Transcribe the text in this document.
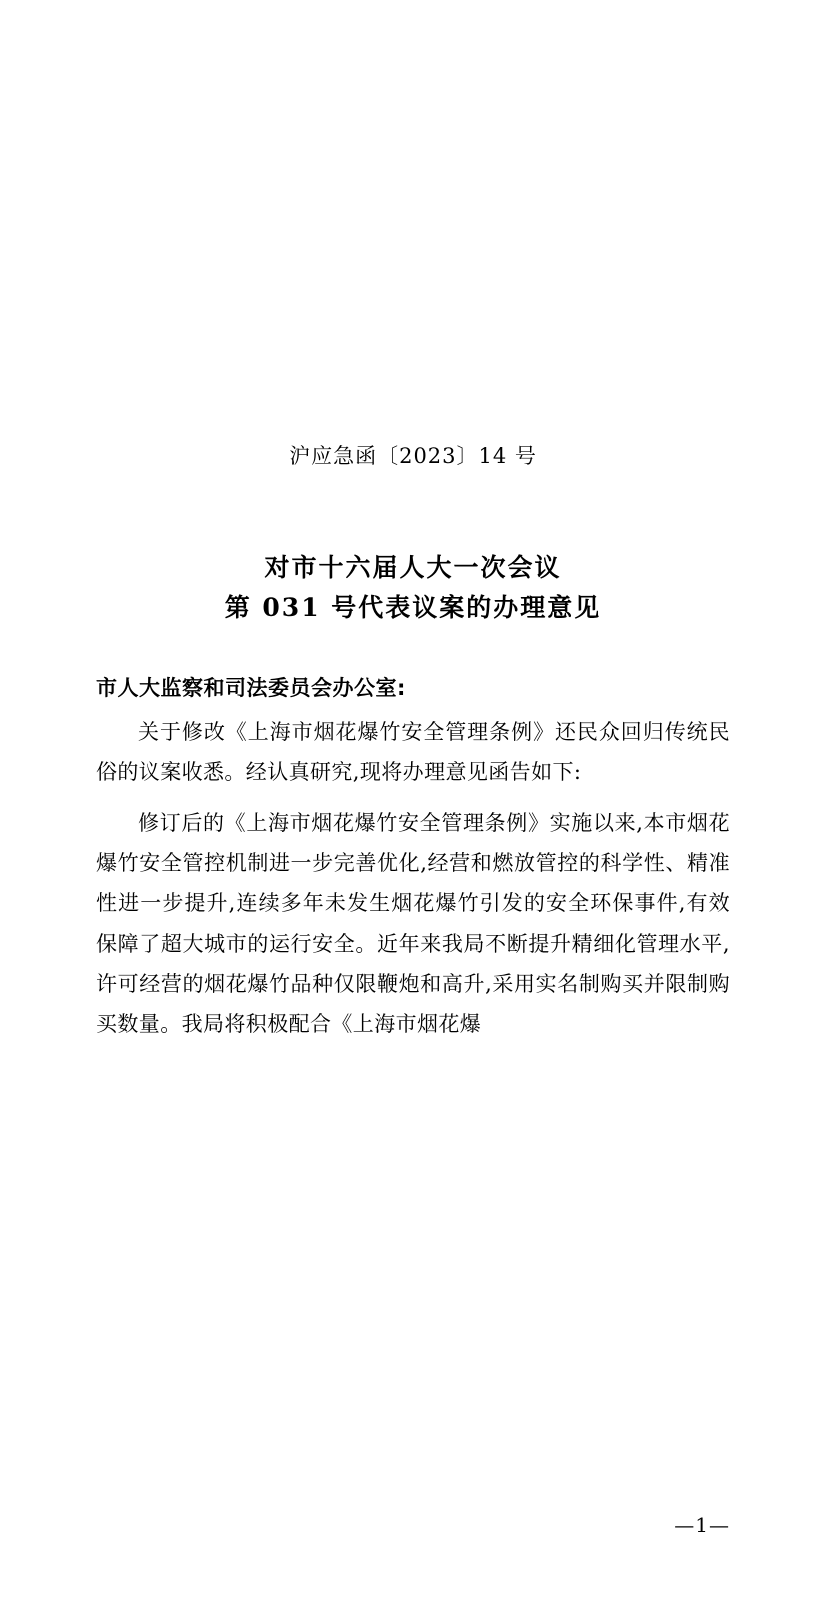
沪应急函〔2023〕14 号
对市十六届人大一次会议
第 031 号代表议案的办理意见
市人大监察和司法委员会办公室:

关于修改《上海市烟花爆竹安全管理条例》还民众回归传统民俗的议案收悉。经认真研究,现将办理意见函告如下:

修订后的《上海市烟花爆竹安全管理条例》实施以来,本市烟花爆竹安全管控机制进一步完善优化,经营和燃放管控的科学性、精准性进一步提升,连续多年未发生烟花爆竹引发的安全环保事件,有效保障了超大城市的运行安全。近年来我局不断提升精细化管理水平,许可经营的烟花爆竹品种仅限鞭炮和高升,采用实名制购买并限制购买数量。我局将积极配合《上海市烟花爆

—1—
